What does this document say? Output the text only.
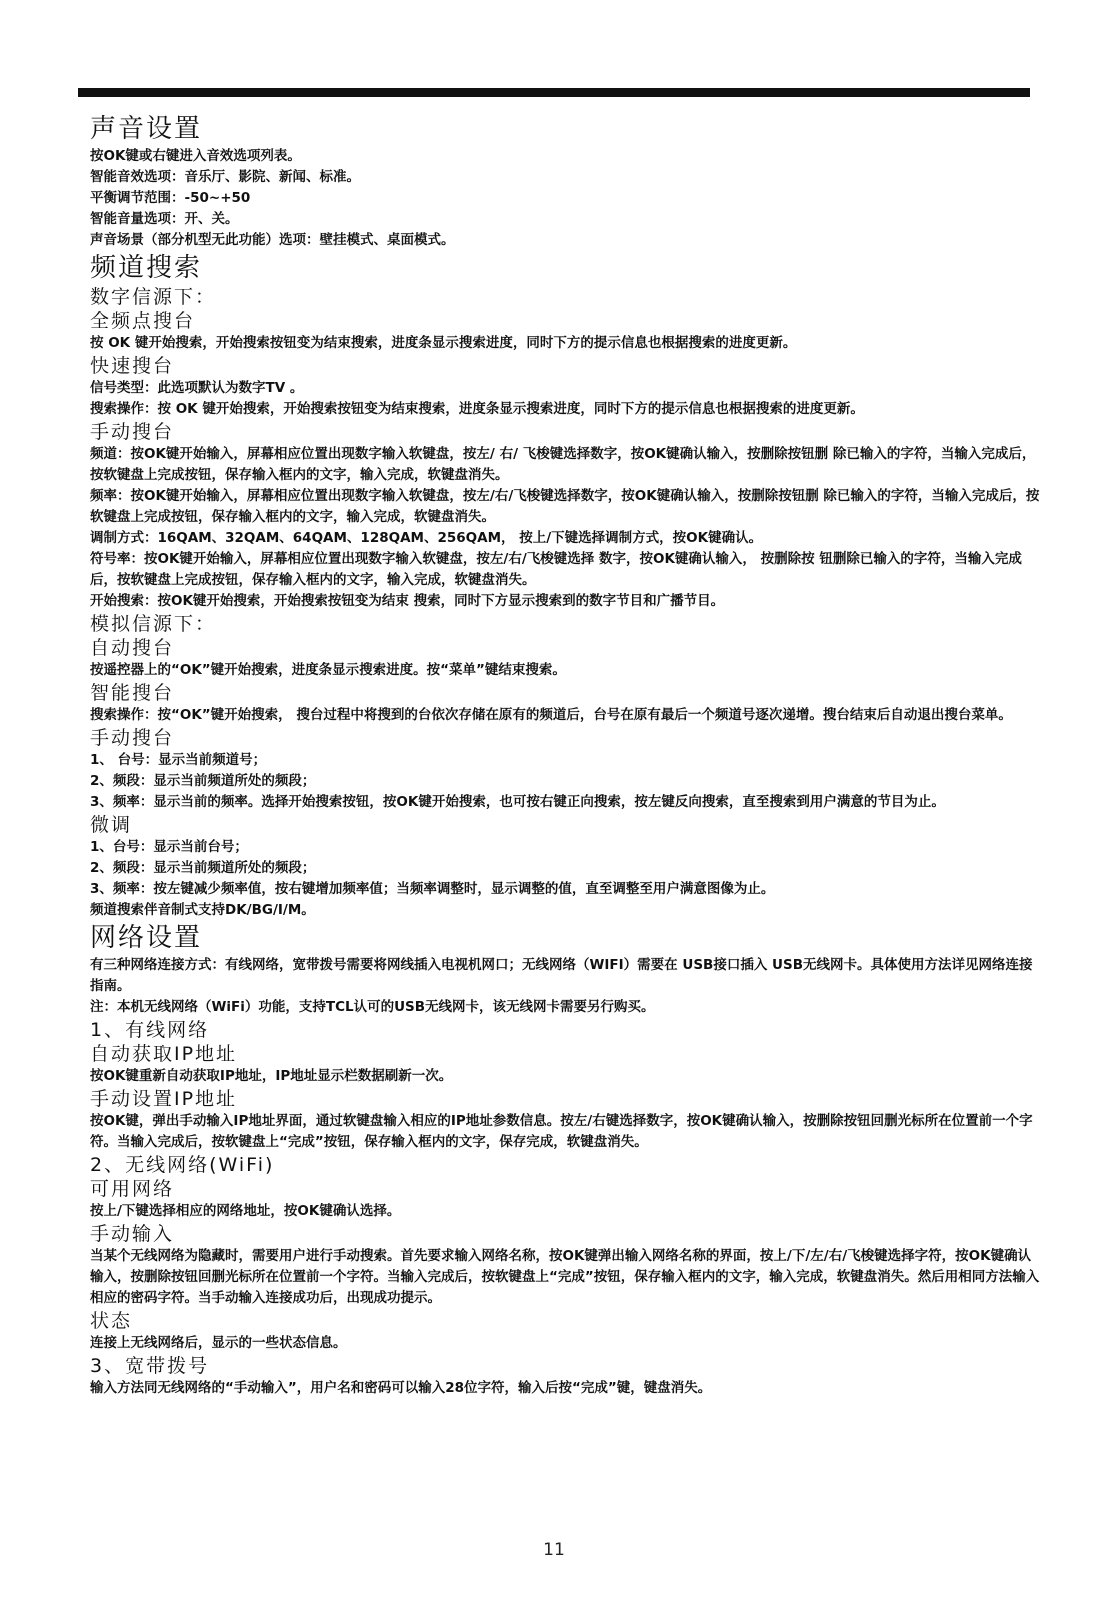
声音设置

按OK键或右键进入音效选项列表。

智能音效选项：音乐厅、影院、新闻、标准。

平衡调节范围：-50~+50

智能音量选项：开、关。

声音场景（部分机型无此功能）选项：壁挂模式、桌面模式。

频道搜索

数字信源下：

全频点搜台

按 OK 键开始搜索，开始搜索按钮变为结束搜索，进度条显示搜索进度，同时下方的提示信息也根据搜索的进度更新。

快速搜台

信号类型：此选项默认为数字TV 。

搜索操作：按 OK 键开始搜索，开始搜索按钮变为结束搜索，进度条显示搜索进度，同时下方的提示信息也根据搜索的进度更新。

手动搜台

频道：按OK键开始输入，屏幕相应位置出现数字输入软键盘，按左/ 右/ 飞梭键选择数字，按OK键确认输入，按删除按钮删 除已输入的字符，当输入完成后，按软键盘上完成按钮，保存输入框内的文字，输入完成，软键盘消失。

频率：按OK键开始输入，屏幕相应位置出现数字输入软键盘，按左/右/飞梭键选择数字，按OK键确认输入，按删除按钮删 除已输入的字符，当输入完成后，按软键盘上完成按钮，保存输入框内的文字，输入完成，软键盘消失。

调制方式：16QAM、32QAM、64QAM、128QAM、256QAM， 按上/下键选择调制方式，按OK键确认。

符号率：按OK键开始输入，屏幕相应位置出现数字输入软键盘，按左/右/飞梭键选择 数字，按OK键确认输入， 按删除按 钮删除已输入的字符，当输入完成后，按软键盘上完成按钮，保存输入框内的文字，输入完成，软键盘消失。

开始搜索：按OK键开始搜索，开始搜索按钮变为结束 搜索，同时下方显示搜索到的数字节目和广播节目。

模拟信源下：

自动搜台

按遥控器上的“OK”键开始搜索，进度条显示搜索进度。按“菜单”键结束搜索。

智能搜台

搜索操作：按“OK”键开始搜索， 搜台过程中将搜到的台依次存储在原有的频道后，台号在原有最后一个频道号逐次递增。搜台结束后自动退出搜台菜单。

手动搜台

1、 台号：显示当前频道号；

2、频段：显示当前频道所处的频段；

3、频率：显示当前的频率。选择开始搜索按钮，按OK键开始搜索，也可按右键正向搜索，按左键反向搜索，直至搜索到用户满意的节目为止。

微调

1、台号：显示当前台号；

2、频段：显示当前频道所处的频段；

3、频率：按左键减少频率值，按右键增加频率值；当频率调整时，显示调整的值，直至调整至用户满意图像为止。

频道搜索伴音制式支持DK/BG/I/M。

网络设置

有三种网络连接方式：有线网络，宽带拨号需要将网线插入电视机网口；无线网络（WIFI）需要在 USB接口插入 USB无线网卡。具体使用方法详见网络连接指南。

注：本机无线网络（WiFi）功能，支持TCL认可的USB无线网卡，该无线网卡需要另行购买。

1、有线网络

自动获取IP地址

按OK键重新自动获取IP地址，IP地址显示栏数据刷新一次。

手动设置IP地址

按OK键，弹出手动输入IP地址界面，通过软键盘输入相应的IP地址参数信息。按左/右键选择数字，按OK键确认输入，按删除按钮回删光标所在位置前一个字符。当输入完成后，按软键盘上“完成”按钮，保存输入框内的文字，保存完成，软键盘消失。

2、无线网络(WiFi)

可用网络

按上/下键选择相应的网络地址，按OK键确认选择。

手动输入

当某个无线网络为隐藏时，需要用户进行手动搜索。首先要求输入网络名称，按OK键弹出输入网络名称的界面，按上/下/左/右/飞梭键选择字符，按OK键确认输入，按删除按钮回删光标所在位置前一个字符。当输入完成后，按软键盘上“完成”按钮，保存输入框内的文字，输入完成，软键盘消失。然后用相同方法输入相应的密码字符。当手动输入连接成功后，出现成功提示。

状态

连接上无线网络后，显示的一些状态信息。

3、宽带拨号

输入方法同无线网络的“手动输入”，用户名和密码可以输入28位字符，输入后按“完成”键，键盘消失。

11
